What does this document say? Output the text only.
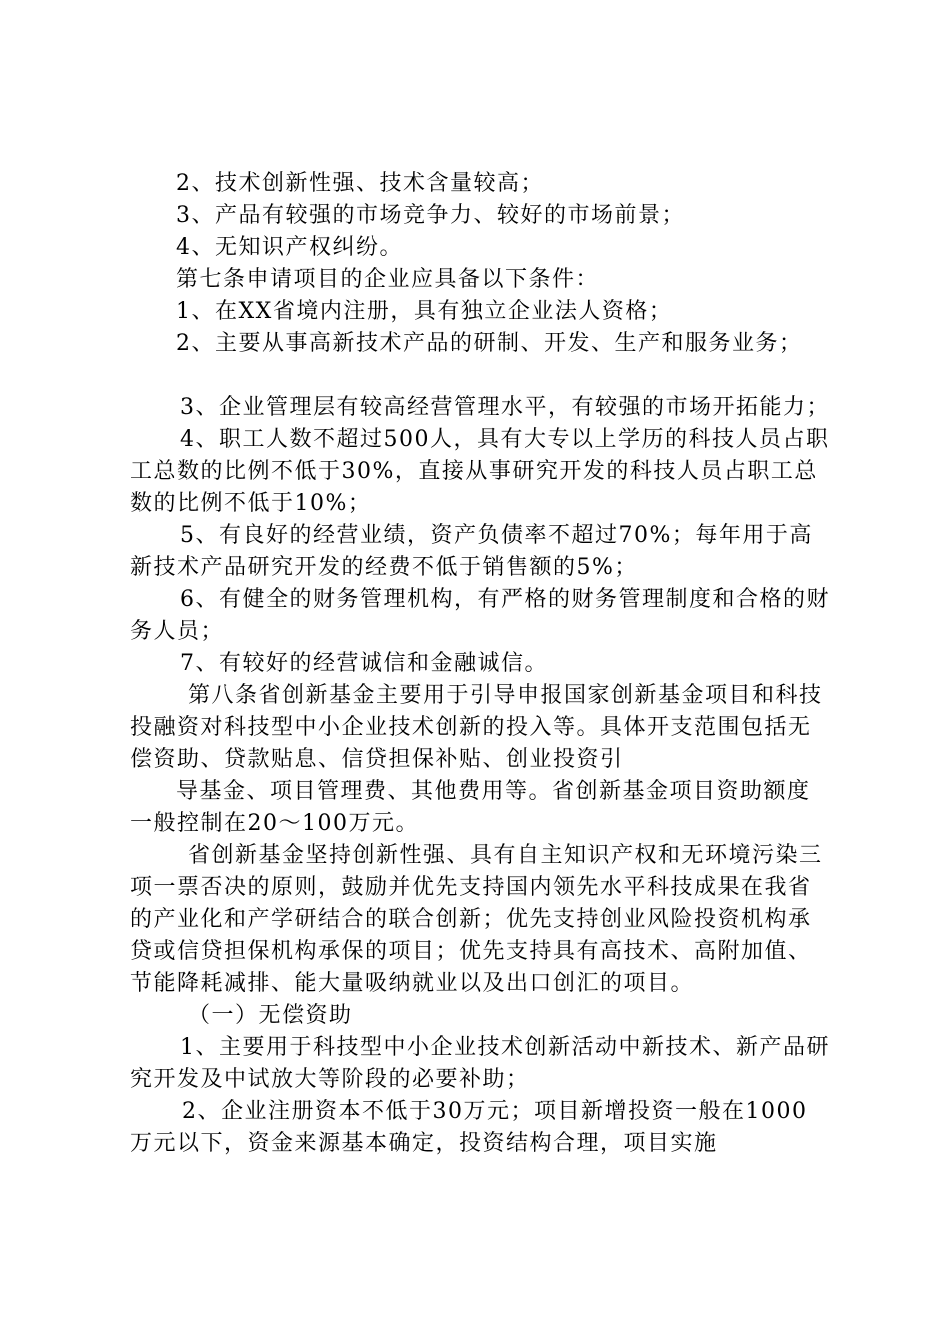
2、技术创新性强、技术含量较高；

3、产品有较强的市场竞争力、较好的市场前景；

4、无知识产权纠纷。

第七条申请项目的企业应具备以下条件：

1、在XX省境内注册，具有独立企业法人资格；

2、主要从事高新技术产品的研制、开发、生产和服务业务；

3、企业管理层有较高经营管理水平，有较强的市场开拓能力；

4、职工人数不超过500人，具有大专以上学历的科技人员占职工总数的比例不低于30%，直接从事研究开发的科技人员占职工总数的比例不低于10%；

5、有良好的经营业绩，资产负债率不超过70%；每年用于高新技术产品研究开发的经费不低于销售额的5%；

6、有健全的财务管理机构，有严格的财务管理制度和合格的财务人员；

7、有较好的经营诚信和金融诚信。

第八条省创新基金主要用于引导申报国家创新基金项目和科技投融资对科技型中小企业技术创新的投入等。具体开支范围包括无偿资助、贷款贴息、信贷担保补贴、创业投资引

导基金、项目管理费、其他费用等。省创新基金项目资助额度一般控制在20～100万元。

省创新基金坚持创新性强、具有自主知识产权和无环境污染三项一票否决的原则，鼓励并优先支持国内领先水平科技成果在我省的产业化和产学研结合的联合创新；优先支持创业风险投资机构承贷或信贷担保机构承保的项目；优先支持具有高技术、高附加值、节能降耗减排、能大量吸纳就业以及出口创汇的项目。

（一）无偿资助

1、主要用于科技型中小企业技术创新活动中新技术、新产品研究开发及中试放大等阶段的必要补助；

2、企业注册资本不低于30万元；项目新增投资一般在1000万元以下，资金来源基本确定，投资结构合理，项目实施
